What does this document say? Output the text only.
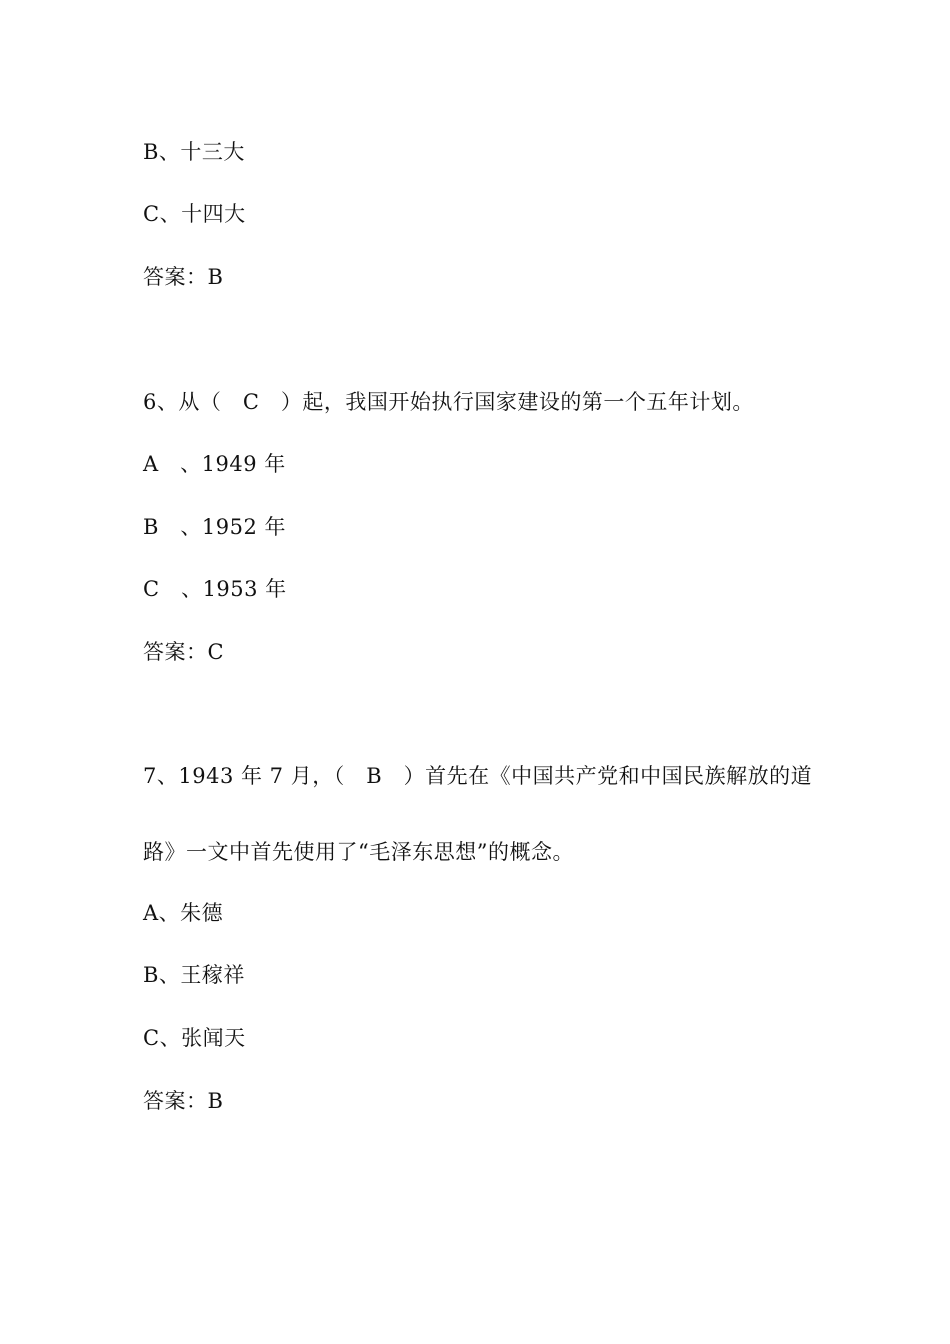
B、十三大
C、十四大
答案：B
6、从（　C　）起，我国开始执行国家建设的第一个五年计划。
A　、1949 年
B　、1952 年
C　、1953 年
答案：C
7、1943 年 7 月，（　B　）首先在《中国共产党和中国民族解放的道
路》一文中首先使用了“毛泽东思想”的概念。
A、朱德
B、王稼祥
C、张闻天
答案：B
